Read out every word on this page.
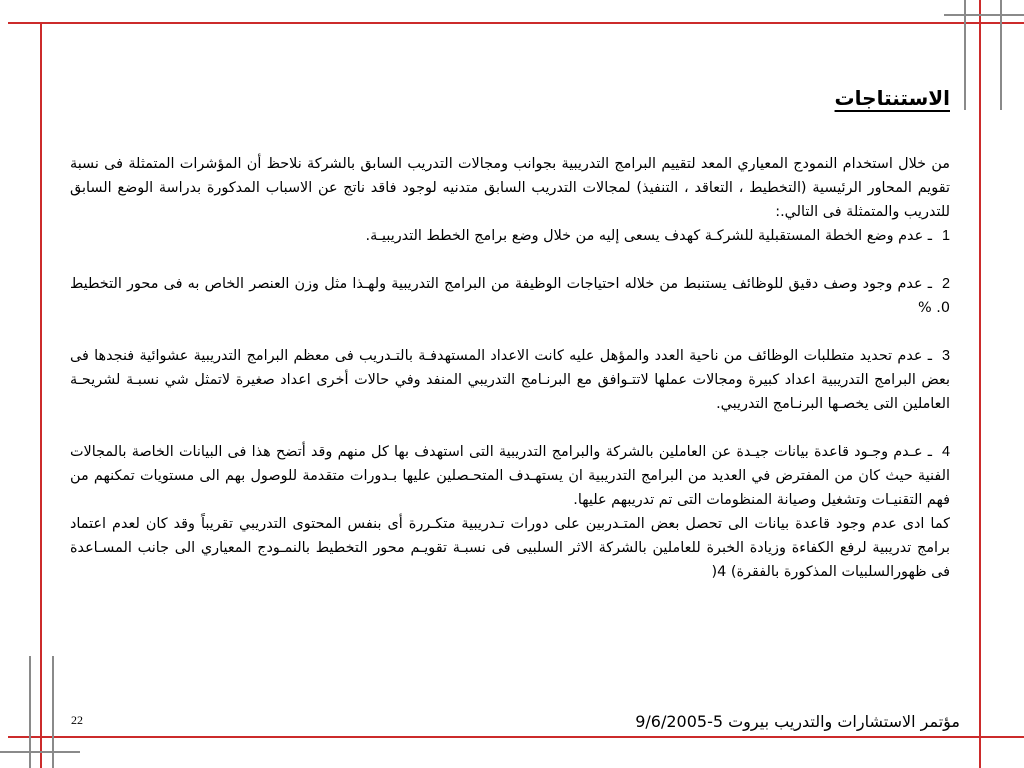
الاستنتاجات

من خلال استخدام النمودج المعياري المعد لتقييم البرامج التدريبية بجوانب ومجالات التدريب السابق بالشركة نلاحظ أن المؤشرات المتمثلة فى نسبة تقويم المحاور الرئيسية (التخطيط ، التعاقد ، التنفيذ) لمجالات التدريب السابق متدنيه لوجود فاقد ناتج عن الاسباب المدكورة بدراسة الوضع السابق للتدريب والمتمثلة فى التالي.:

1ـ عدم وضع الخطة المستقبلية للشركـة كهدف يسعى إليه من خلال وضع برامج الخطط التدريبيـة.

2ـ عدم وجود وصف دقيق للوظائف يستنبط من خلاله احتياجات الوظيفة من البرامج التدريبية ولهـذا مثل وزن العنصر الخاص به فى محور التخطيط 0. %

3ـ عدم تحديد متطلبات الوظائف من ناحية العدد والمؤهل عليه كانت الاعداد المستهدفـة بالتـدريب فى معظم البرامج التدريبية عشوائية فنجدها فى بعض البرامج التدريبية اعداد كبيرة ومجالات عملها لاتتـوافق مع البرنـامج التدريبي المنفد وفي حالات أخرى اعداد صغيرة لاتمثل شي نسبـة لشريحـة العاملين التى يخصـها البرنـامج التدريبي.

4ـ عـدم وجـود قاعدة بيانات جيـدة عن العاملين بالشركة والبرامج التدريبية التى استهدف بها كل منهم وقد أتضح هذا فى البيانات الخاصة بالمجالات الفنية حيث كان من المفترض في العديد من البرامج التدريبية ان يستهـدف المتحـصلين عليها بـدورات متقدمة للوصول بهم الى مستويات تمكنهم من فهم التقنيـات وتشغيل وصيانة المنظومات التى تم تدريبهم عليها.

كما ادى عدم وجود قاعدة بيانات الى تحصل بعض المتـدربين على دورات تـدريبية متكـررة أى بنفس المحتوى التدريبي تقريباً وقد كان لعدم اعتماد برامج تدريبية لرفع الكفاءة وزيادة الخبرة للعاملين بالشركة الاثر السلبيى فى نسبـة تقويـم محور التخطيط بالنمـودج المعياري الى جانب المسـاعدة فى ظهورالسلبيات المذكورة بالفقرة) 4(

مؤتمر الاستشارات والتدريب بيروت 5-9/6/2005
22
